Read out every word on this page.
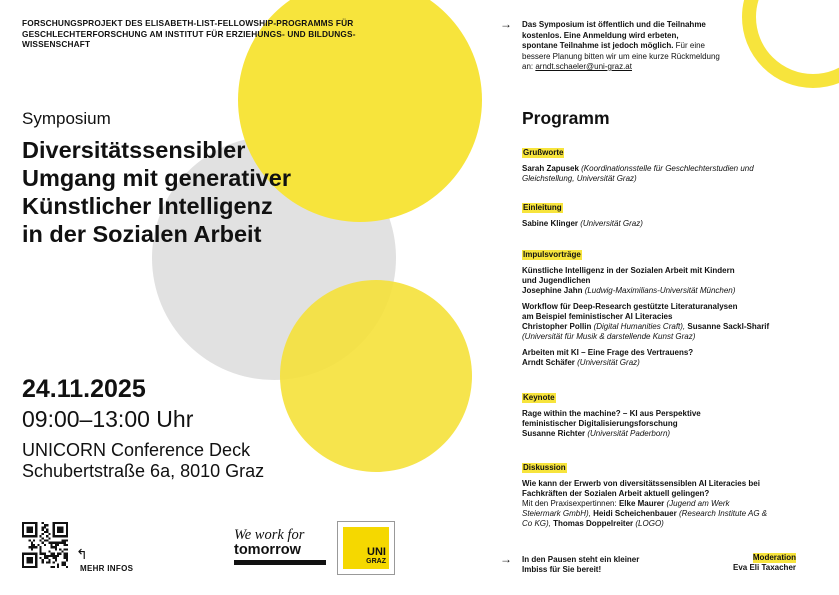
FORSCHUNGSPROJEKT DES ELISABETH-LIST-FELLOWSHIP-PROGRAMMS FÜR
GESCHLECHTERFORSCHUNG AM INSTITUT FÜR ERZIEHUNGS- UND BILDUNGS-
WISSENSCHAFT
Symposium
Diversitätssensibler
Umgang mit generativer
Künstlicher Intelligenz
in der Sozialen Arbeit
24.11.2025
09:00–13:00 Uhr
UNICORN Conference Deck
Schubertstraße 6a, 8010 Graz
↰
MEHR INFOS
We work for
tomorrow	UNI
GRAZ
→ Das Symposium ist öffentlich und die Teilnahme
kostenlos. Eine Anmeldung wird erbeten,
spontane Teilnahme ist jedoch möglich. Für eine
bessere Planung bitten wir um eine kurze Rückmeldung
an: arndt.schaeler@uni-graz.at
Programm
Grußworte
Sarah Zapusek (Koordinationsstelle für Geschlechterstudien und
Gleichstellung, Universität Graz)
Einleitung
Sabine Klinger (Universität Graz)
Impulsvorträge
Künstliche Intelligenz in der Sozialen Arbeit mit Kindern
und Jugendlichen
Josephine Jahn (Ludwig-Maximilians-Universität München)
Workflow für Deep-Research gestützte Literaturanalysen
am Beispiel feministischer AI Literacies
Christopher Pollin (Digital Humanities Craft), Susanne Sackl-Sharif
(Universität für Musik & darstellende Kunst Graz)
Arbeiten mit KI – Eine Frage des Vertrauens?
Arndt Schäfer (Universität Graz)
Keynote
Rage within the machine? – KI aus Perspektive
feministischer Digitalisierungsforschung
Susanne Richter (Universität Paderborn)
Diskussion
Wie kann der Erwerb von diversitätssensiblen AI Literacies bei
Fachkräften der Sozialen Arbeit aktuell gelingen?
Mit den Praxisexpertinnen: Elke Maurer (Jugend am Werk
Steiermark GmbH), Heidi Scheichenbauer (Research Institute AG &
Co KG), Thomas Doppelreiter (LOGO)
→ In den Pausen steht ein kleiner
Imbiss für Sie bereit!
Moderation
Eva Eli Taxacher
